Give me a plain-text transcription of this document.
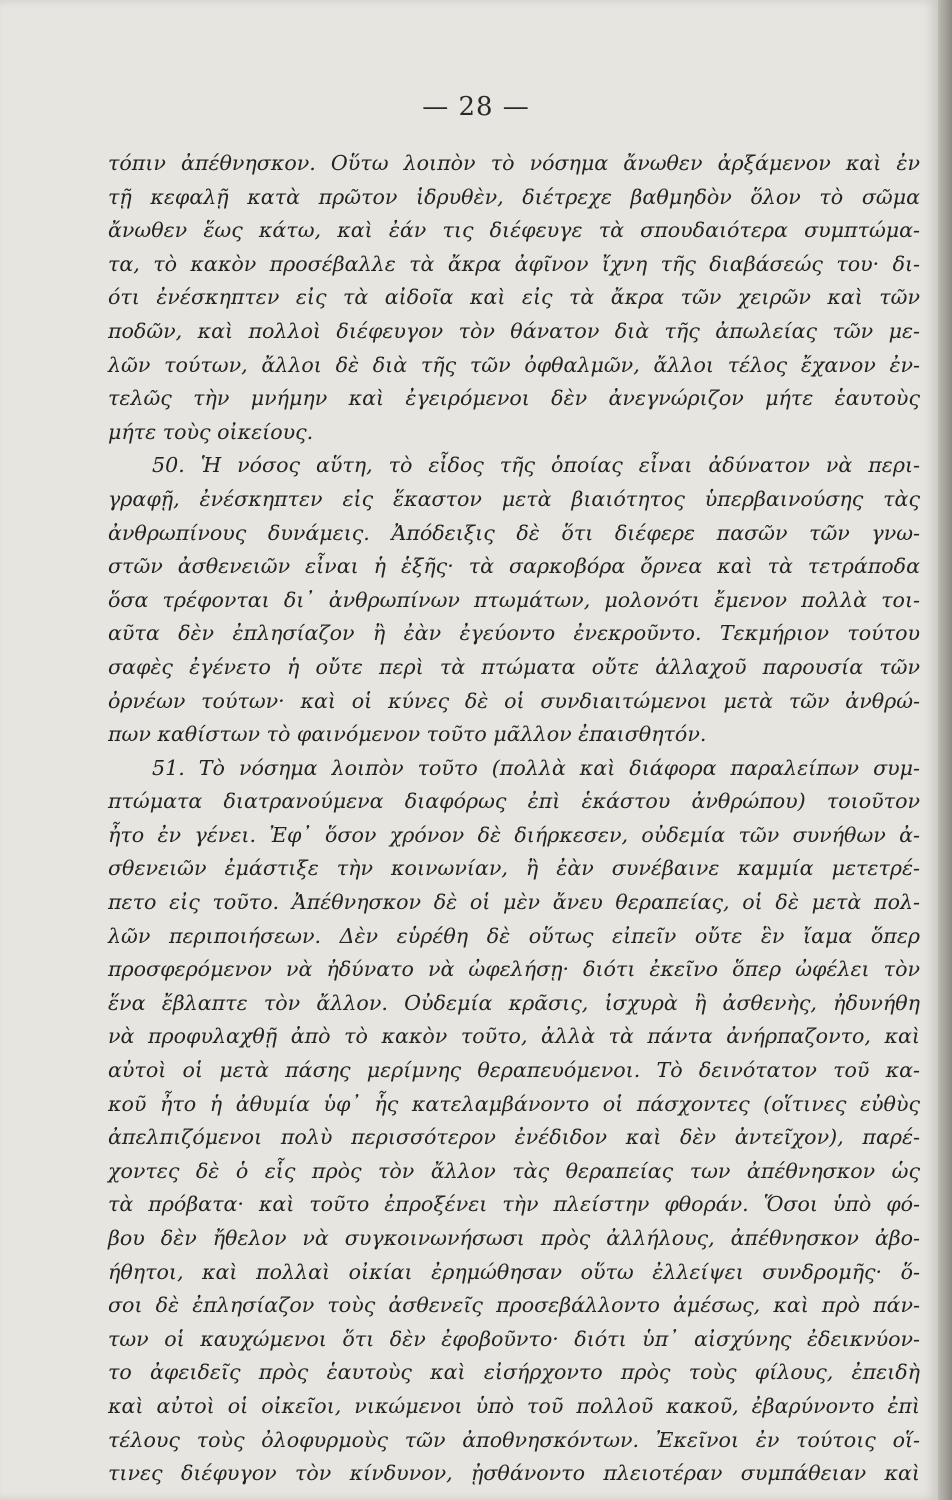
— 28 —
τόπιν ἀπέθνησκον. Οὕτω λοιπὸν τὸ νόσημα ἄνωθεν ἀρξάμενον καὶ ἐν
τῇ κεφαλῇ κατὰ πρῶτον ἱδρυθὲν, διέτρεχε βαθμηδὸν ὅλον τὸ σῶμα
ἄνωθεν ἕως κάτω, καὶ ἐάν τις διέφευγε τὰ σπουδαιότερα συμπτώμα-
τα, τὸ κακὸν προσέβαλλε τὰ ἄκρα ἀφῖνον ἴχνη τῆς διαβάσεώς του· δι-
ότι ἐνέσκηπτεν εἰς τὰ αἰδοῖα καὶ εἰς τὰ ἄκρα τῶν χειρῶν καὶ τῶν
ποδῶν, καὶ πολλοὶ διέφευγον τὸν θάνατον διὰ τῆς ἀπωλείας τῶν με-
λῶν τούτων, ἄλλοι δὲ διὰ τῆς τῶν ὀφθαλμῶν, ἄλλοι τέλος ἔχανον ἐν-
τελῶς τὴν μνήμην καὶ ἐγειρόμενοι δὲν ἀνεγνώριζον μήτε ἑαυτοὺς
μήτε τοὺς οἰκείους.
50. Ἡ νόσος αὕτη, τὸ εἶδος τῆς ὁποίας εἶναι ἀδύνατον νὰ περι-
γραφῇ, ἐνέσκηπτεν εἰς ἕκαστον μετὰ βιαιότητος ὑπερβαινούσης τὰς
ἀνθρωπίνους δυνάμεις. Ἀπόδειξις δὲ ὅτι διέφερε πασῶν τῶν γνω-
στῶν ἀσθενειῶν εἶναι ἡ ἑξῆς· τὰ σαρκοβόρα ὄρνεα καὶ τὰ τετράποδα
ὅσα τρέφονται δι᾽ ἀνθρωπίνων πτωμάτων, μολονότι ἔμενον πολλὰ τοι-
αῦτα δὲν ἐπλησίαζον ἢ ἐὰν ἐγεύοντο ἐνεκροῦντο. Τεκμήριον τούτου
σαφὲς ἐγένετο ἡ οὔτε περὶ τὰ πτώματα οὔτε ἀλλαχοῦ παρουσία τῶν
ὀρνέων τούτων· καὶ οἱ κύνες δὲ οἱ συνδιαιτώμενοι μετὰ τῶν ἀνθρώ-
πων καθίστων τὸ φαινόμενον τοῦτο μᾶλλον ἐπαισθητόν.
51. Τὸ νόσημα λοιπὸν τοῦτο (πολλὰ καὶ διάφορα παραλείπων συμ-
πτώματα διατρανούμενα διαφόρως ἐπὶ ἑκάστου ἀνθρώπου) τοιοῦτον
ἦτο ἐν γένει. Ἐφ᾽ ὅσον χρόνον δὲ διήρκεσεν, οὐδεμία τῶν συνήθων ἀ-
σθενειῶν ἐμάστιξε τὴν κοινωνίαν, ἢ ἐὰν συνέβαινε καμμία μετετρέ-
πετο εἰς τοῦτο. Ἀπέθνησκον δὲ οἱ μὲν ἄνευ θεραπείας, οἱ δὲ μετὰ πολ-
λῶν περιποιήσεων. Δὲν εὑρέθη δὲ οὕτως εἰπεῖν οὔτε ἓν ἴαμα ὅπερ
προσφερόμενον νὰ ἠδύνατο νὰ ὠφελήσῃ· διότι ἐκεῖνο ὅπερ ὠφέλει τὸν
ἕνα ἔβλαπτε τὸν ἄλλον. Οὐδεμία κρᾶσις, ἰσχυρὰ ἢ ἀσθενὴς, ἠδυνήθη
νὰ προφυλαχθῇ ἀπὸ τὸ κακὸν τοῦτο, ἀλλὰ τὰ πάντα ἀνήρπαζοντο, καὶ
αὐτοὶ οἱ μετὰ πάσης μερίμνης θεραπευόμενοι. Τὸ δεινότατον τοῦ κα-
κοῦ ἦτο ἡ ἀθυμία ὑφ᾽ ἧς κατελαμβάνοντο οἱ πάσχοντες (οἵτινες εὐθὺς
ἀπελπιζόμενοι πολὺ περισσότερον ἐνέδιδον καὶ δὲν ἀντεῖχον), παρέ-
χοντες δὲ ὁ εἷς πρὸς τὸν ἄλλον τὰς θεραπείας των ἀπέθνησκον ὡς
τὰ πρόβατα· καὶ τοῦτο ἐπροξένει τὴν πλείστην φθοράν. Ὅσοι ὑπὸ φό-
βου δὲν ἤθελον νὰ συγκοινωνήσωσι πρὸς ἀλλήλους, ἀπέθνησκον ἀβο-
ήθητοι, καὶ πολλαὶ οἰκίαι ἐρημώθησαν οὕτω ἐλλείψει συνδρομῆς· ὅ-
σοι δὲ ἐπλησίαζον τοὺς ἀσθενεῖς προσεβάλλοντο ἀμέσως, καὶ πρὸ πάν-
των οἱ καυχώμενοι ὅτι δὲν ἐφοβοῦντο· διότι ὑπ᾽ αἰσχύνης ἐδεικνύον-
το ἀφειδεῖς πρὸς ἑαυτοὺς καὶ εἰσήρχοντο πρὸς τοὺς φίλους, ἐπειδὴ
καὶ αὐτοὶ οἱ οἰκεῖοι, νικώμενοι ὑπὸ τοῦ πολλοῦ κακοῦ, ἐβαρύνοντο ἐπὶ
τέλους τοὺς ὀλοφυρμοὺς τῶν ἀποθνησκόντων. Ἐκεῖνοι ἐν τούτοις οἵ-
τινες διέφυγον τὸν κίνδυνον, ᾐσθάνοντο πλειοτέραν συμπάθειαν καὶ
